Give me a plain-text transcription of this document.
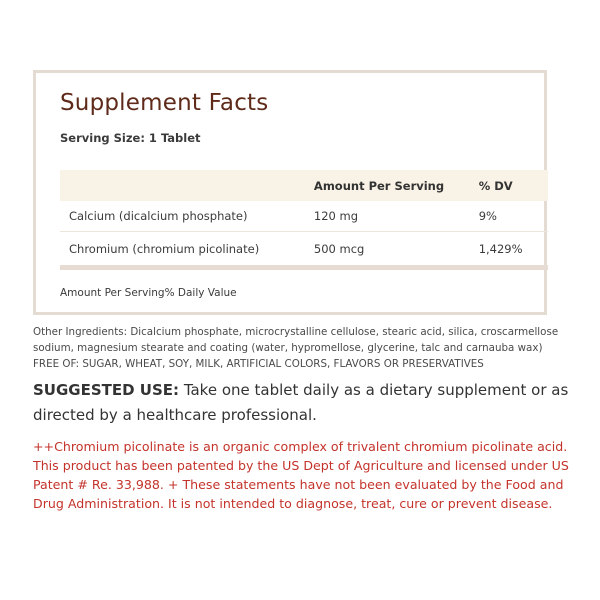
Supplement Facts
Serving Size: 1 Tablet
	Amount Per Serving	% DV
Calcium (dicalcium phosphate)	120 mg	9%
Chromium (chromium picolinate)	500 mcg	1,429%
Amount Per Serving% Daily Value
Other Ingredients: Dicalcium phosphate, microcrystalline cellulose, stearic acid, silica, croscarmellose sodium, magnesium stearate and coating (water, hypromellose, glycerine, talc and carnauba wax)
FREE OF: SUGAR, WHEAT, SOY, MILK, ARTIFICIAL COLORS, FLAVORS OR PRESERVATIVES
SUGGESTED USE: Take one tablet daily as a dietary supplement or as directed by a healthcare professional.
++Chromium picolinate is an organic complex of trivalent chromium picolinate acid. This product has been patented by the US Dept of Agriculture and licensed under US Patent # Re. 33,988. + These statements have not been evaluated by the Food and Drug Administration. It is not intended to diagnose, treat, cure or prevent disease.
